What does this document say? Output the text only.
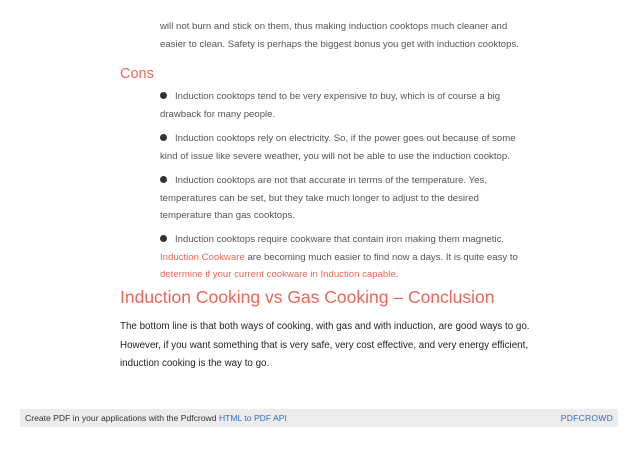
will not burn and stick on them, thus making induction cooktops much cleaner and
easier to clean. Safety is perhaps the biggest bonus you get with induction cooktops.
Cons
Induction cooktops tend to be very expensive to buy, which is of course a big
drawback for many people.
Induction cooktops rely on electricity. So, if the power goes out because of some
kind of issue like severe weather, you will not be able to use the induction cooktop.
Induction cooktops are not that accurate in terms of the temperature. Yes,
temperatures can be set, but they take much longer to adjust to the desired
temperature than gas cooktops.
Induction cooktops require cookware that contain iron making them magnetic.
Induction Cookware are becoming much easier to find now a days. It is quite easy to
determine if your current cookware in Induction capable.
Induction Cooking vs Gas Cooking – Conclusion
The bottom line is that both ways of cooking, with gas and with induction, are good ways to go.
However, if you want something that is very safe, very cost effective, and very energy efficient,
induction cooking is the way to go.
Create PDF in your applications with the Pdfcrowd HTML to PDF API	PDFCROWD
